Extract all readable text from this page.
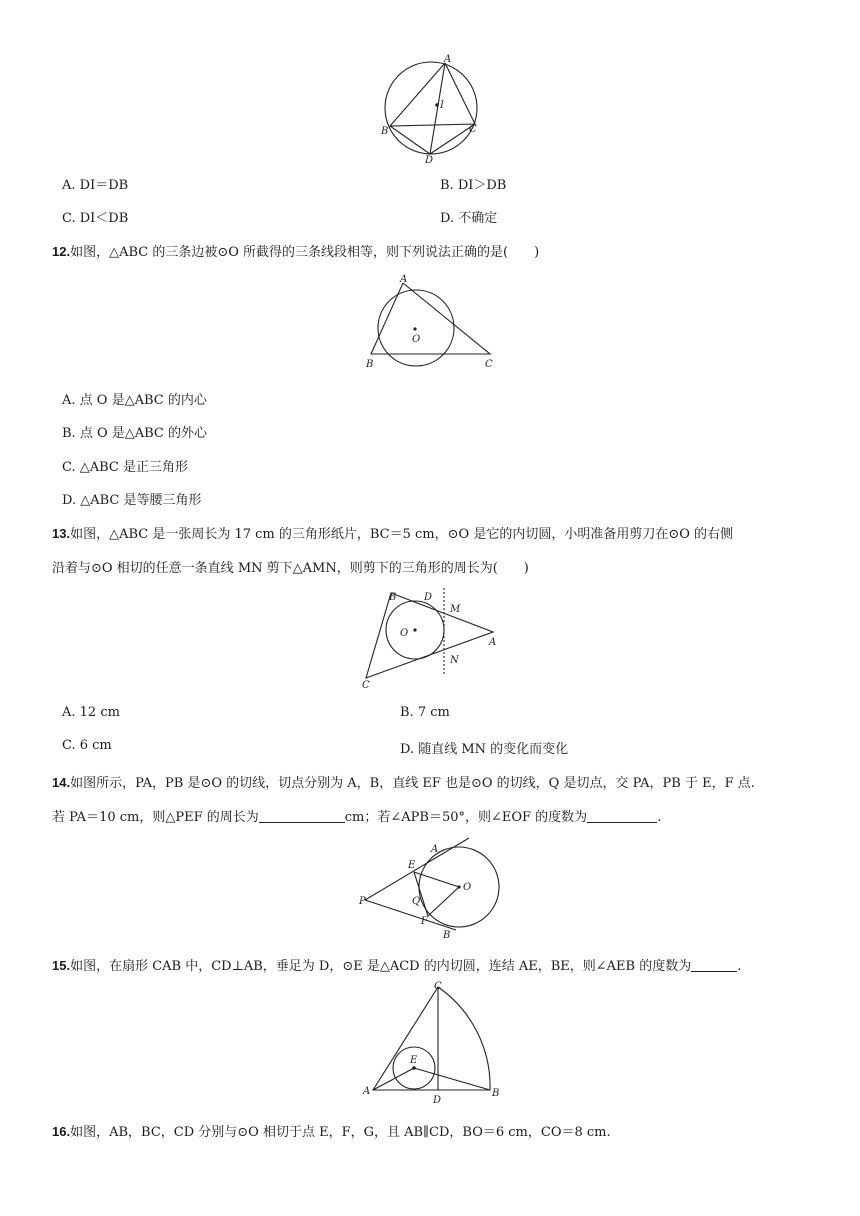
A
I
B	C
D
A. DI＝DB	B. DI＞DB
C. DI＜DB	D. 不确定
12.如图，△ABC 的三条边被⊙O 所截得的三条线段相等，则下列说法正确的是(　　)
A
O
B	C
A. 点 O 是△ABC 的内心
B. 点 O 是△ABC 的外心
C. △ABC 是正三角形
D. △ABC 是等腰三角形
13.如图，△ABC 是一张周长为 17 cm 的三角形纸片，BC＝5 cm，⊙O 是它的内切圆，小明准备用剪刀在⊙O 的右侧
沿着与⊙O 相切的任意一条直线 MN 剪下△AMN，则剪下的三角形的周长为(　　)
B	D
M
O
A
N
C
A. 12 cm	B. 7 cm
C. 6 cm	D. 随直线 MN 的变化而变化
14.如图所示，PA，PB 是⊙O 的切线，切点分别为 A，B，直线 EF 也是⊙O 的切线，Q 是切点，交 PA，PB 于 E，F 点.
若 PA＝10 cm，则△PEF 的周长为	cm；若∠APB＝50°，则∠EOF 的度数为	.
A
E
O
P	Q
F
B
15.如图，在扇形 CAB 中，CD⊥AB，垂足为 D，⊙E 是△ACD 的内切圆，连结 AE，BE，则∠AEB 的度数为	.
C
E
A
D
B
16.如图，AB，BC，CD 分别与⊙O 相切于点 E，F，G，且 AB∥CD，BO＝6 cm，CO＝8 cm.
